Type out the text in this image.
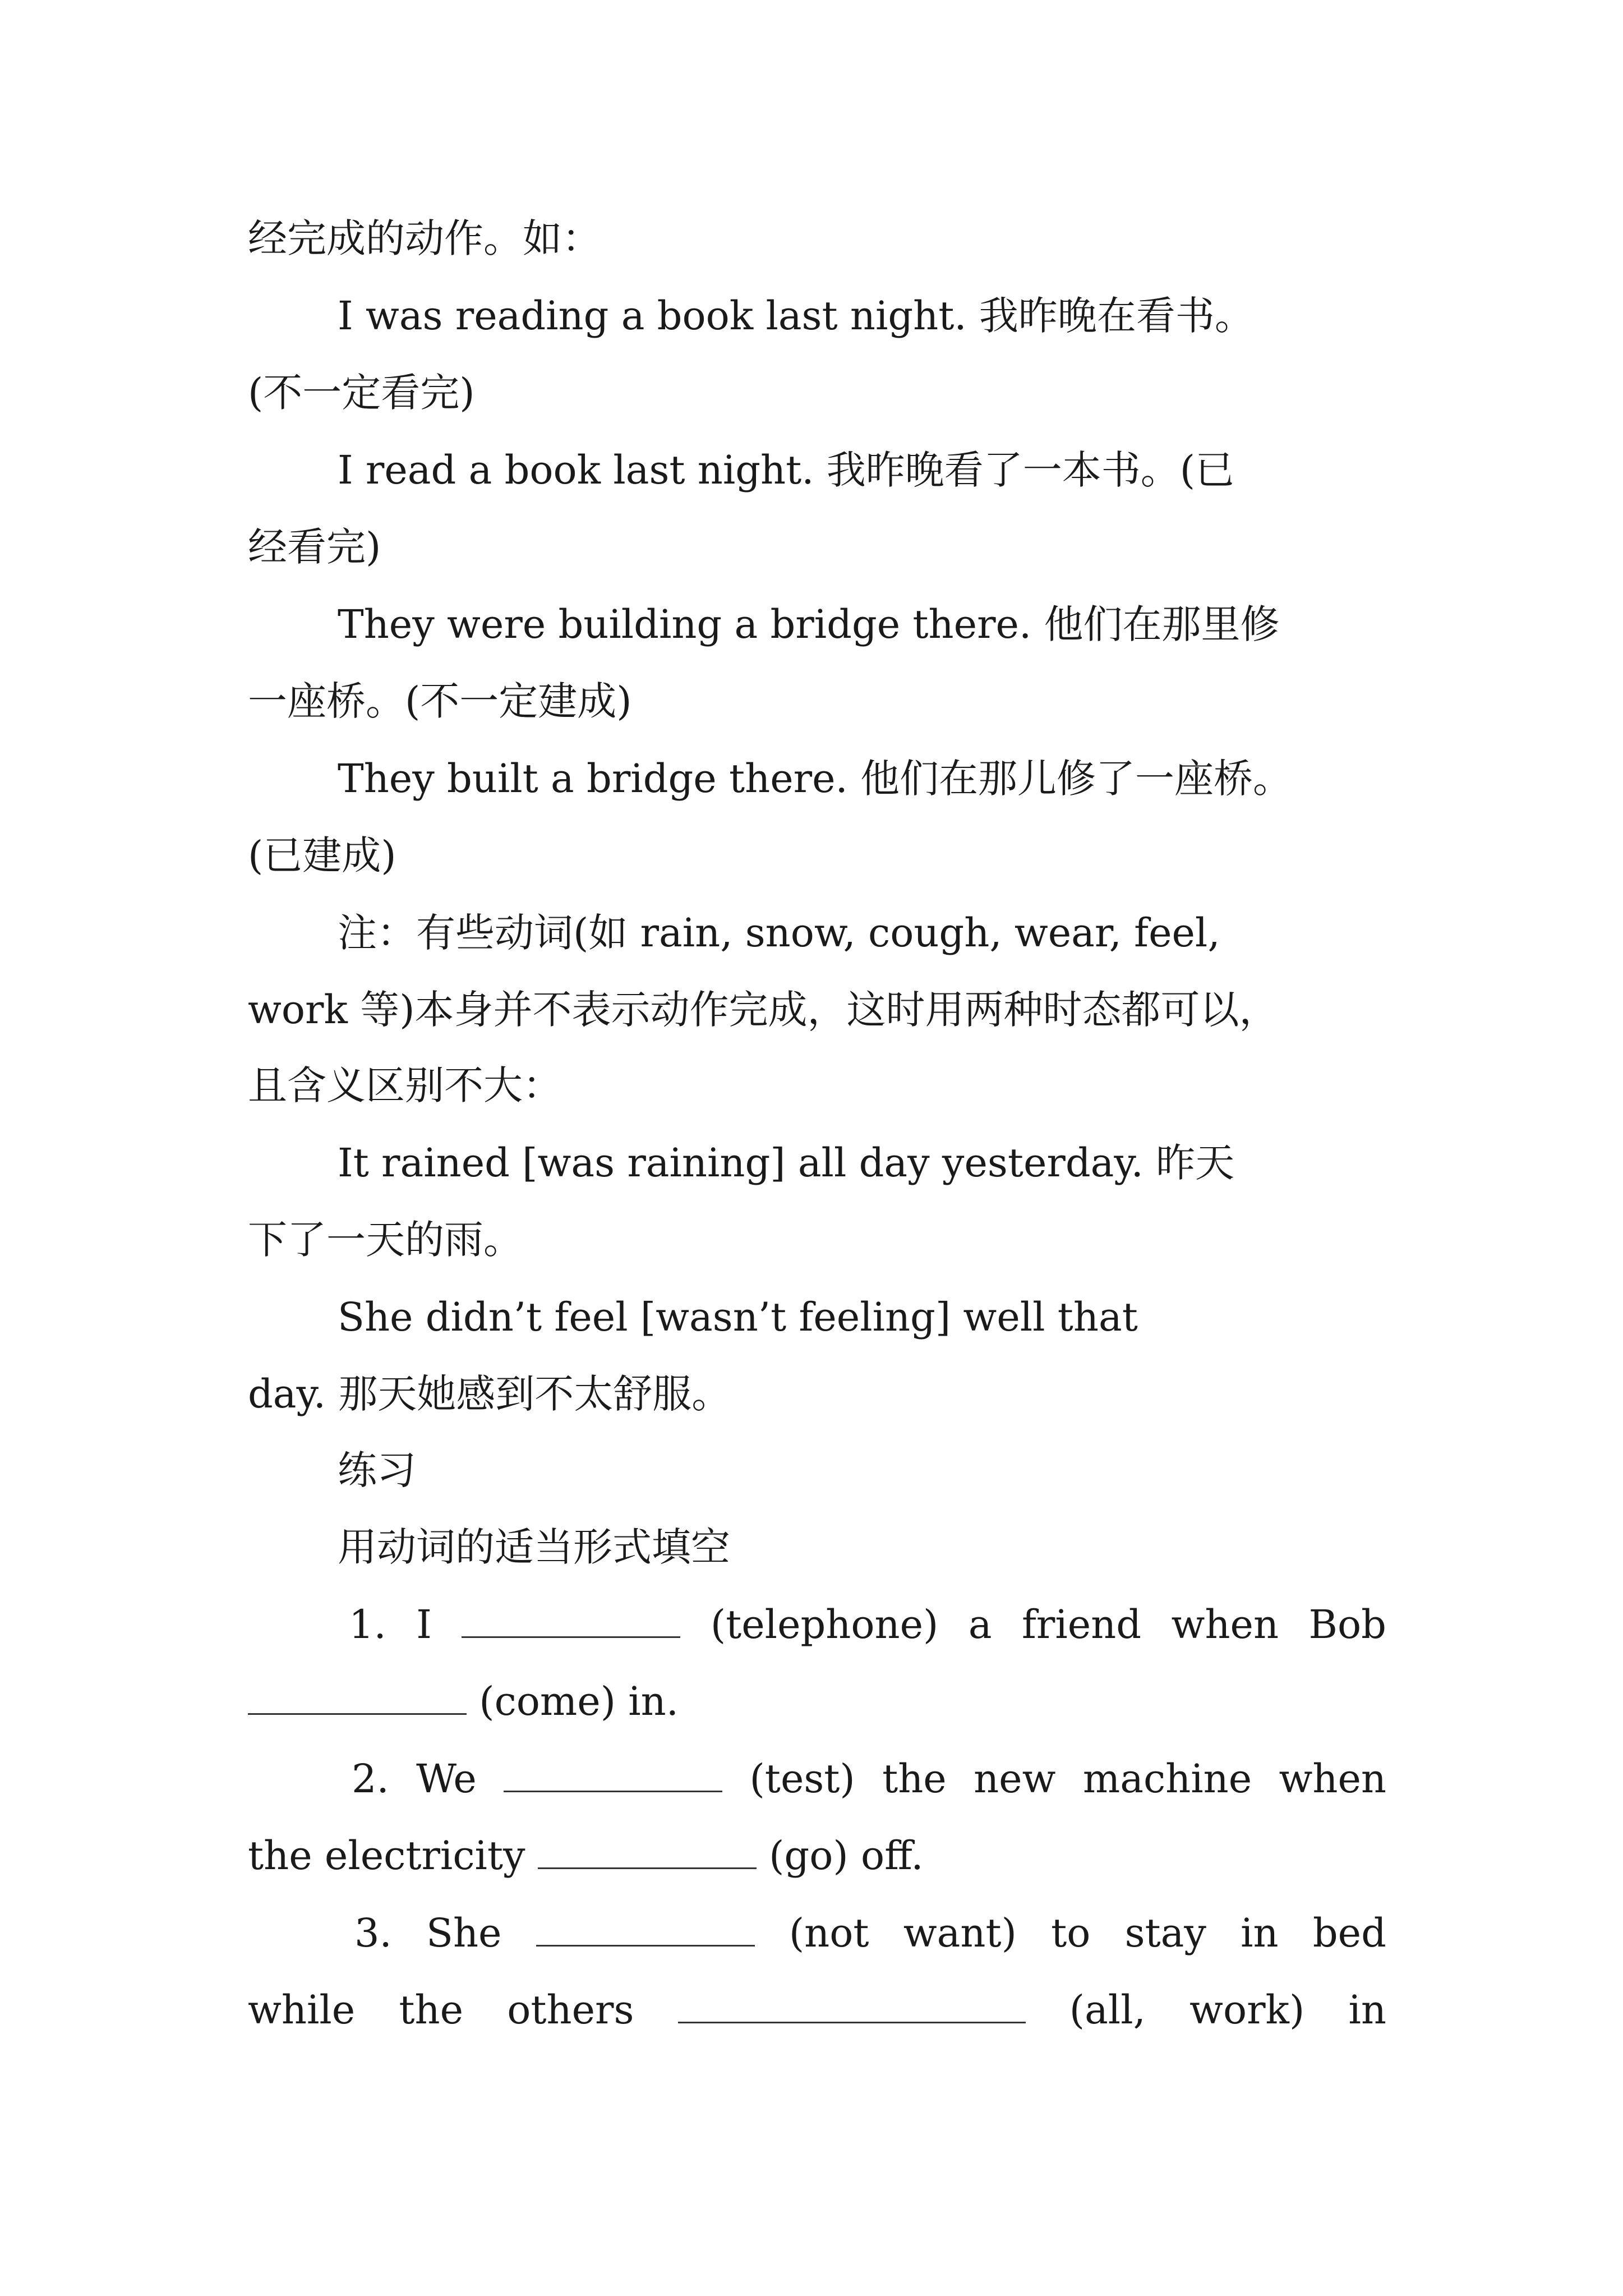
经完成的动作。如：
I was reading a book last night. 我昨晚在看书。
(不一定看完)
I read a book last night. 我昨晚看了一本书。(已
经看完)
They were building a bridge there. 他们在那里修
一座桥。(不一定建成)
They built a bridge there. 他们在那儿修了一座桥。
(已建成)
注：有些动词(如 rain, snow, cough, wear, feel,
work 等)本身并不表示动作完成，这时用两种时态都可以，
且含义区别不大：
It rained [was raining] all day yesterday. 昨天
下了一天的雨。
She didn’t feel [wasn’t feeling] well that
day. 那天她感到不太舒服。
练习
用动词的适当形式填空
1. I	(telephone) a friend when Bob
(come) in.
2. We	(test) the new machine when
the electricity	(go) off.
3. She	(not want) to stay in bed
while the others	(all, work) in
